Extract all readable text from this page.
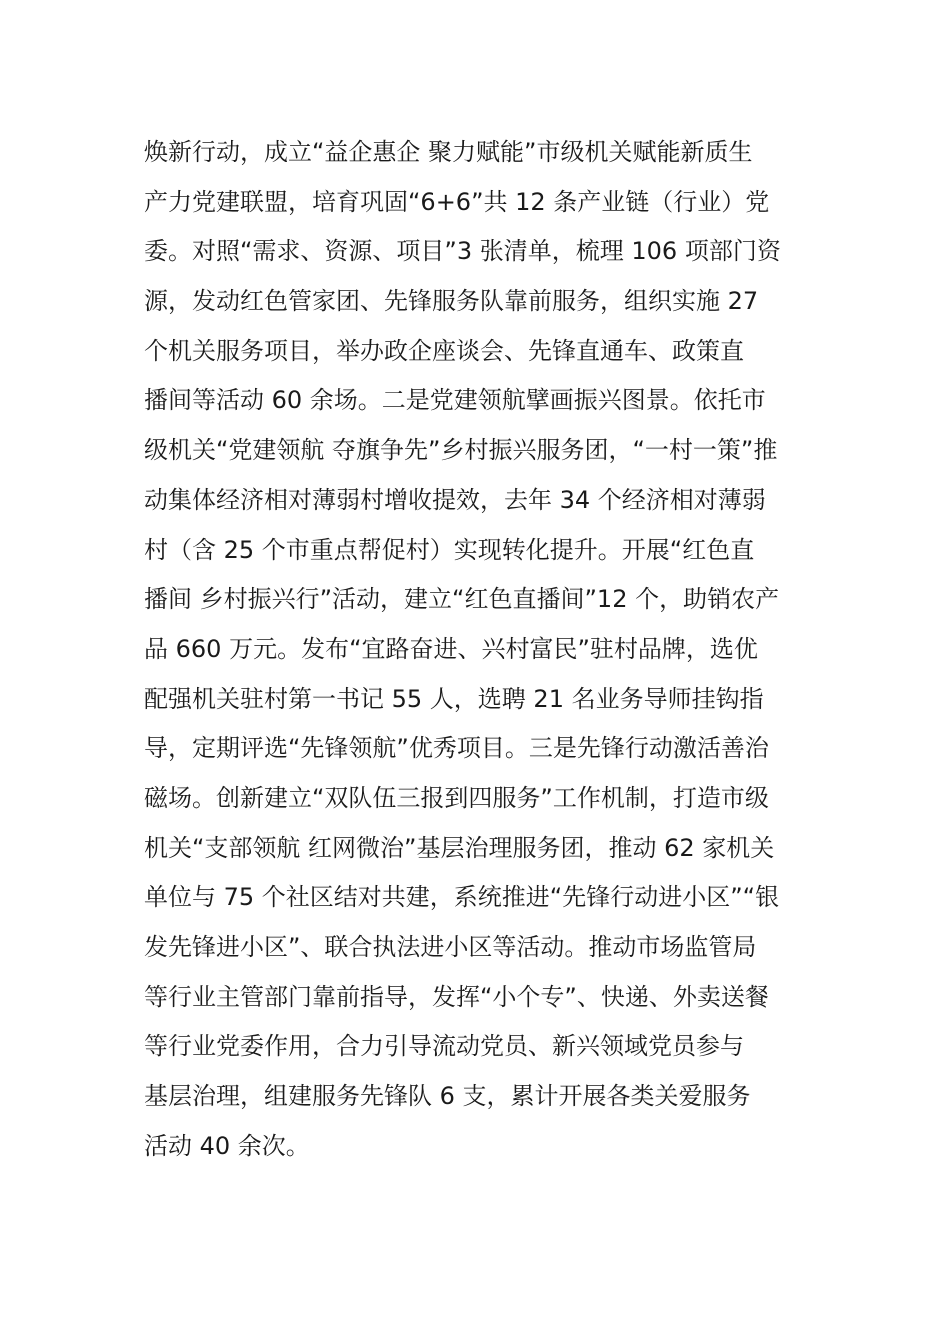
焕新行动，成立“益企惠企 聚力赋能”市级机关赋能新质生
产力党建联盟，培育巩固“6+6”共 12 条产业链（行业）党
委。对照“需求、资源、项目”3 张清单，梳理 106 项部门资
源，发动红色管家团、先锋服务队靠前服务，组织实施 27
个机关服务项目，举办政企座谈会、先锋直通车、政策直
播间等活动 60 余场。二是党建领航擘画振兴图景。依托市
级机关“党建领航 夺旗争先”乡村振兴服务团，“一村一策”推
动集体经济相对薄弱村增收提效，去年 34 个经济相对薄弱
村（含 25 个市重点帮促村）实现转化提升。开展“红色直
播间 乡村振兴行”活动，建立“红色直播间”12 个，助销农产
品 660 万元。发布“宜路奋进、兴村富民”驻村品牌，选优
配强机关驻村第一书记 55 人，选聘 21 名业务导师挂钩指
导，定期评选“先锋领航”优秀项目。三是先锋行动激活善治
磁场。创新建立“双队伍三报到四服务”工作机制，打造市级
机关“支部领航 红网微治”基层治理服务团，推动 62 家机关
单位与 75 个社区结对共建，系统推进“先锋行动进小区”“银
发先锋进小区”、联合执法进小区等活动。推动市场监管局
等行业主管部门靠前指导，发挥“小个专”、快递、外卖送餐
等行业党委作用，合力引导流动党员、新兴领域党员参与
基层治理，组建服务先锋队 6 支，累计开展各类关爱服务
活动 40 余次。
